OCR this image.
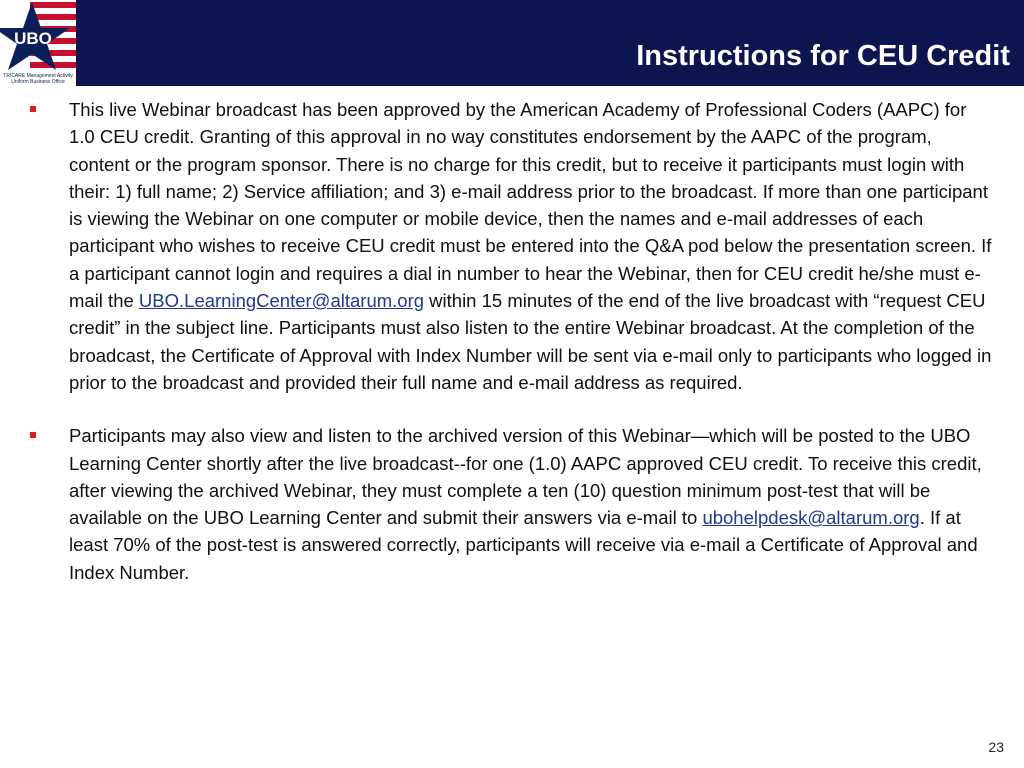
UBO
TRICARE Management Activity
Uniform Business Office
Instructions for CEU Credit
This live Webinar broadcast has been approved by the American Academy of Professional Coders (AAPC) for 1.0 CEU credit. Granting of this approval in no way constitutes endorsement by the AAPC of the program, content or the program sponsor. There is no charge for this credit, but to receive it participants must login with their: 1) full name; 2) Service affiliation; and 3) e-mail address prior to the broadcast. If more than one participant is viewing the Webinar on one computer or mobile device, then the names and e-mail addresses of each participant who wishes to receive CEU credit must be entered into the Q&A pod below the presentation screen. If a participant cannot login and requires a dial in number to hear the Webinar, then for CEU credit he/she must e-mail the UBO.LearningCenter@altarum.org within 15 minutes of the end of the live broadcast with “request CEU credit” in the subject line. Participants must also listen to the entire Webinar broadcast. At the completion of the broadcast, the Certificate of Approval with Index Number will be sent via e-mail only to participants who logged in prior to the broadcast and provided their full name and e-mail address as required.
Participants may also view and listen to the archived version of this Webinar—which will be posted to the UBO Learning Center shortly after the live broadcast--for one (1.0) AAPC approved CEU credit. To receive this credit, after viewing the archived Webinar, they must complete a ten (10) question minimum post-test that will be available on the UBO Learning Center and submit their answers via e-mail to ubohelpdesk@altarum.org. If at least 70% of the post-test is answered correctly, participants will receive via e-mail a Certificate of Approval and Index Number.
23
